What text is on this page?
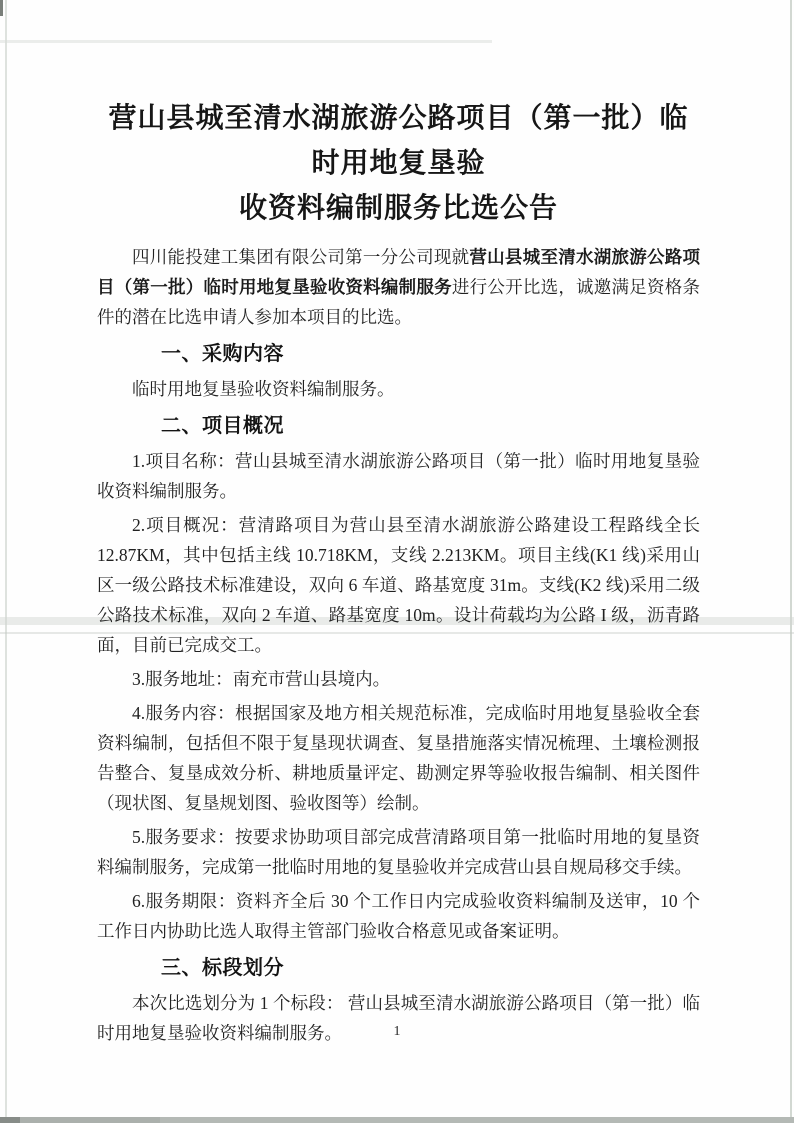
营山县城至清水湖旅游公路项目（第一批）临时用地复垦验
收资料编制服务比选公告

四川能投建工集团有限公司第一分公司现就营山县城至清水湖旅游公路项目（第一批）临时用地复垦验收资料编制服务进行公开比选，诚邀满足资格条件的潜在比选申请人参加本项目的比选。

一、采购内容

临时用地复垦验收资料编制服务。

二、项目概况

1.项目名称：营山县城至清水湖旅游公路项目（第一批）临时用地复垦验收资料编制服务。

2.项目概况：营清路项目为营山县至清水湖旅游公路建设工程路线全长12.87KM，其中包括主线 10.718KM，支线 2.213KM。项目主线(K1 线)采用山区一级公路技术标准建设，双向 6 车道、路基宽度 31m。支线(K2 线)采用二级公路技术标准，双向 2 车道、路基宽度 10m。设计荷载均为公路 I 级，沥青路面，目前已完成交工。

3.服务地址：南充市营山县境内。

4.服务内容：根据国家及地方相关规范标准，完成临时用地复垦验收全套资料编制，包括但不限于复垦现状调查、复垦措施落实情况梳理、土壤检测报告整合、复垦成效分析、耕地质量评定、勘测定界等验收报告编制、相关图件（现状图、复垦规划图、验收图等）绘制。

5.服务要求：按要求协助项目部完成营清路项目第一批临时用地的复垦资料编制服务，完成第一批临时用地的复垦验收并完成营山县自规局移交手续。

6.服务期限：资料齐全后 30 个工作日内完成验收资料编制及送审，10 个工作日内协助比选人取得主管部门验收合格意见或备案证明。

三、标段划分

本次比选划分为 1 个标段： 营山县城至清水湖旅游公路项目（第一批）临时用地复垦验收资料编制服务。	1
